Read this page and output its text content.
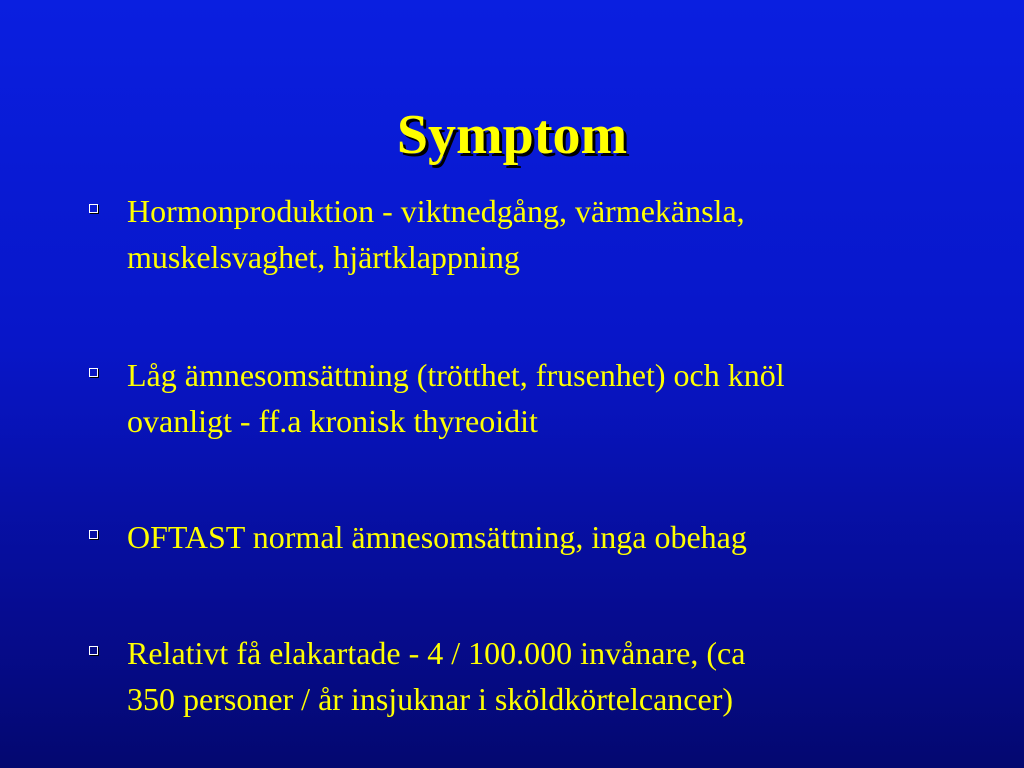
Symptom
Hormonproduktion - viktnedgång, värmekänsla,
muskelsvaghet, hjärtklappning
Låg ämnesomsättning (trötthet, frusenhet) och knöl
ovanligt - ff.a kronisk thyreoidit
OFTAST normal ämnesomsättning, inga obehag
Relativt få elakartade - 4 / 100.000 invånare, (ca
350 personer / år insjuknar i sköldkörtelcancer)
